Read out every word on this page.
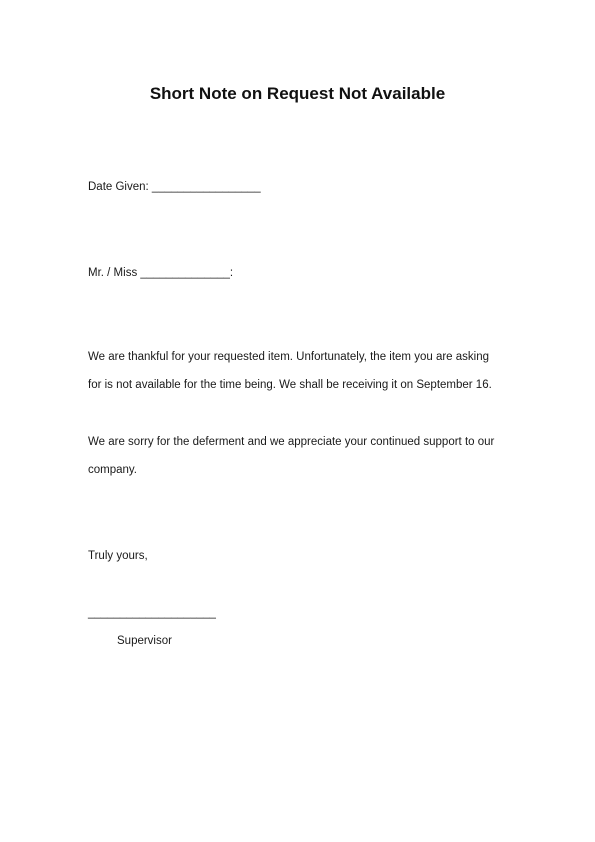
Short Note on Request Not Available
Date Given: _________________
Mr. / Miss ______________:
We are thankful for your requested item. Unfortunately, the item you are asking
for is not available for the time being. We shall be receiving it on September 16.
We are sorry for the deferment and we appreciate your continued support to our
company.
Truly yours,
____________________
Supervisor
